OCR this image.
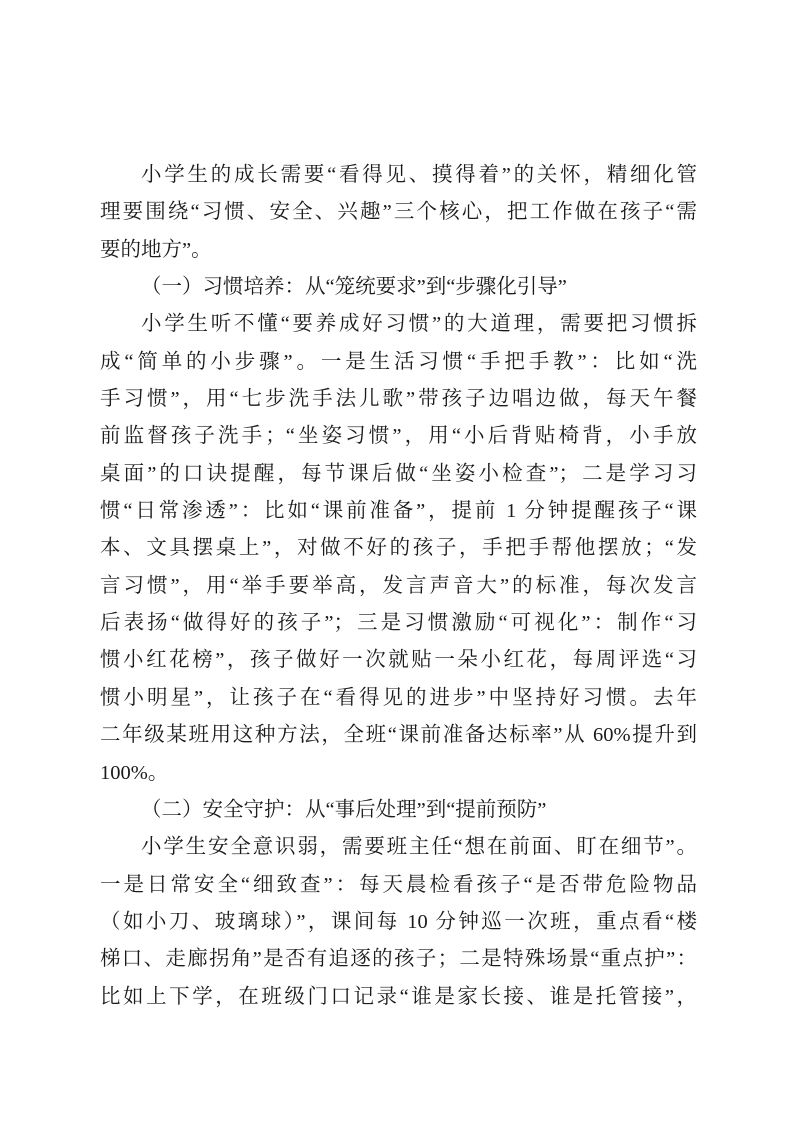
小学生的成长需要“看得见、摸得着”的关怀，精细化管
理要围绕“习惯、安全、兴趣”三个核心，把工作做在孩子“需
要的地方”。
（一）习惯培养：从“笼统要求”到“步骤化引导”
小学生听不懂“要养成好习惯”的大道理，需要把习惯拆
成“简单的小步骤”。一是生活习惯“手把手教”：比如“洗
手习惯”，用“七步洗手法儿歌”带孩子边唱边做，每天午餐
前监督孩子洗手；“坐姿习惯”，用“小后背贴椅背，小手放
桌面”的口诀提醒，每节课后做“坐姿小检查”；二是学习习
惯“日常渗透”：比如“课前准备”，提前 1 分钟提醒孩子“课
本、文具摆桌上”，对做不好的孩子，手把手帮他摆放；“发
言习惯”，用“举手要举高，发言声音大”的标准，每次发言
后表扬“做得好的孩子”；三是习惯激励“可视化”：制作“习
惯小红花榜”，孩子做好一次就贴一朵小红花，每周评选“习
惯小明星”，让孩子在“看得见的进步”中坚持好习惯。去年
二年级某班用这种方法，全班“课前准备达标率”从 60%提升到
100%。
（二）安全守护：从“事后处理”到“提前预防”
小学生安全意识弱，需要班主任“想在前面、盯在细节”。
一是日常安全“细致查”：每天晨检看孩子“是否带危险物品
（如小刀、玻璃球）”，课间每 10 分钟巡一次班，重点看“楼
梯口、走廊拐角”是否有追逐的孩子；二是特殊场景“重点护”：
比如上下学，在班级门口记录“谁是家长接、谁是托管接”，
